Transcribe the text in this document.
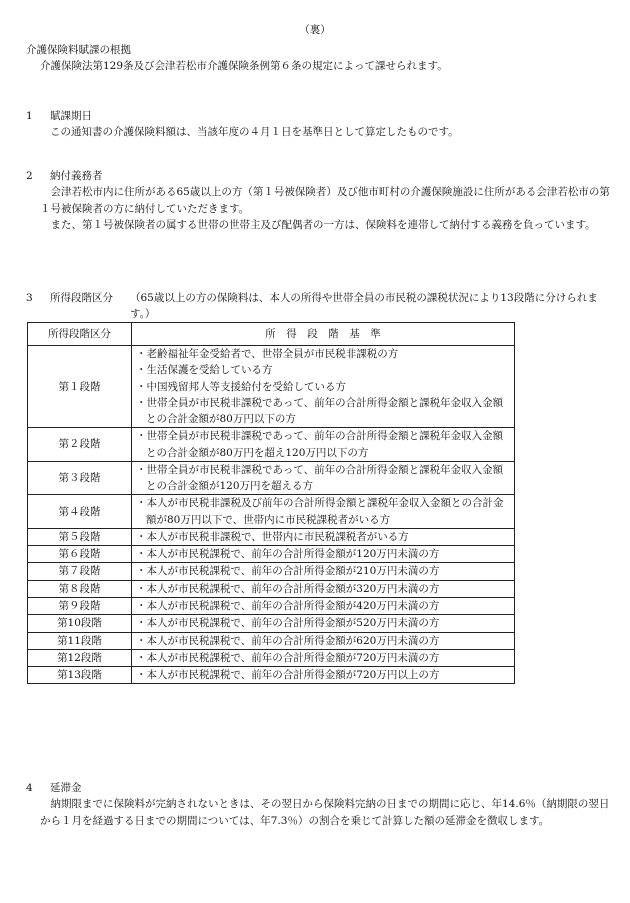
（裏）
介護保険料賦課の根拠
介護保険法第129条及び会津若松市介護保険条例第６条の規定によって課せられます。
1 賦課期日
この通知書の介護保険料額は、当該年度の４月１日を基準日として算定したものです。
2 納付義務者
会津若松市内に住所がある65歳以上の方（第１号被保険者）及び他市町村の介護保険施設に住所がある会津若松市の第１号被保険者の方に納付していただきます。
また、第１号被保険者の属する世帯の世帯主及び配偶者の一方は、保険料を連帯して納付する義務を負っています。
3 所得段階区分 （65歳以上の方の保険料は、本人の所得や世帯全員の市民税の課税状況により13段階に分けられます。）
所得段階区分	所　得　段　階　基　準
第１段階	・老齢福祉年金受給者で、世帯全員が市民税非課税の方
・生活保護を受給している方
・中国残留邦人等支援給付を受給している方
・世帯全員が市民税非課税であって、前年の合計所得金額と課税年金収入金額との合計金額が80万円以下の方

第２段階	・世帯全員が市民税非課税であって、前年の合計所得金額と課税年金収入金額との合計金額が80万円を超え120万円以下の方

第３段階	・世帯全員が市民税非課税であって、前年の合計所得金額と課税年金収入金額との合計金額が120万円を超える方

第４段階	・本人が市民税非課税及び前年の合計所得金額と課税年金収入金額との合計金額が80万円以下で、世帯内に市民税課税者がいる方

第５段階	・本人が市民税非課税で、世帯内に市民税課税者がいる方

第６段階	・本人が市民税課税で、前年の合計所得金額が120万円未満の方

第７段階	・本人が市民税課税で、前年の合計所得金額が210万円未満の方

第８段階	・本人が市民税課税で、前年の合計所得金額が320万円未満の方

第９段階	・本人が市民税課税で、前年の合計所得金額が420万円未満の方

第10段階	・本人が市民税課税で、前年の合計所得金額が520万円未満の方

第11段階	・本人が市民税課税で、前年の合計所得金額が620万円未満の方

第12段階	・本人が市民税課税で、前年の合計所得金額が720万円未満の方

第13段階	・本人が市民税課税で、前年の合計所得金額が720万円以上の方
4 延滞金
納期限までに保険料が完納されないときは、その翌日から保険料完納の日までの期間に応じ、年14.6％（納期限の翌日から１月を経過する日までの期間については、年7.3％）の割合を乗じて計算した額の延滞金を徴収します。
